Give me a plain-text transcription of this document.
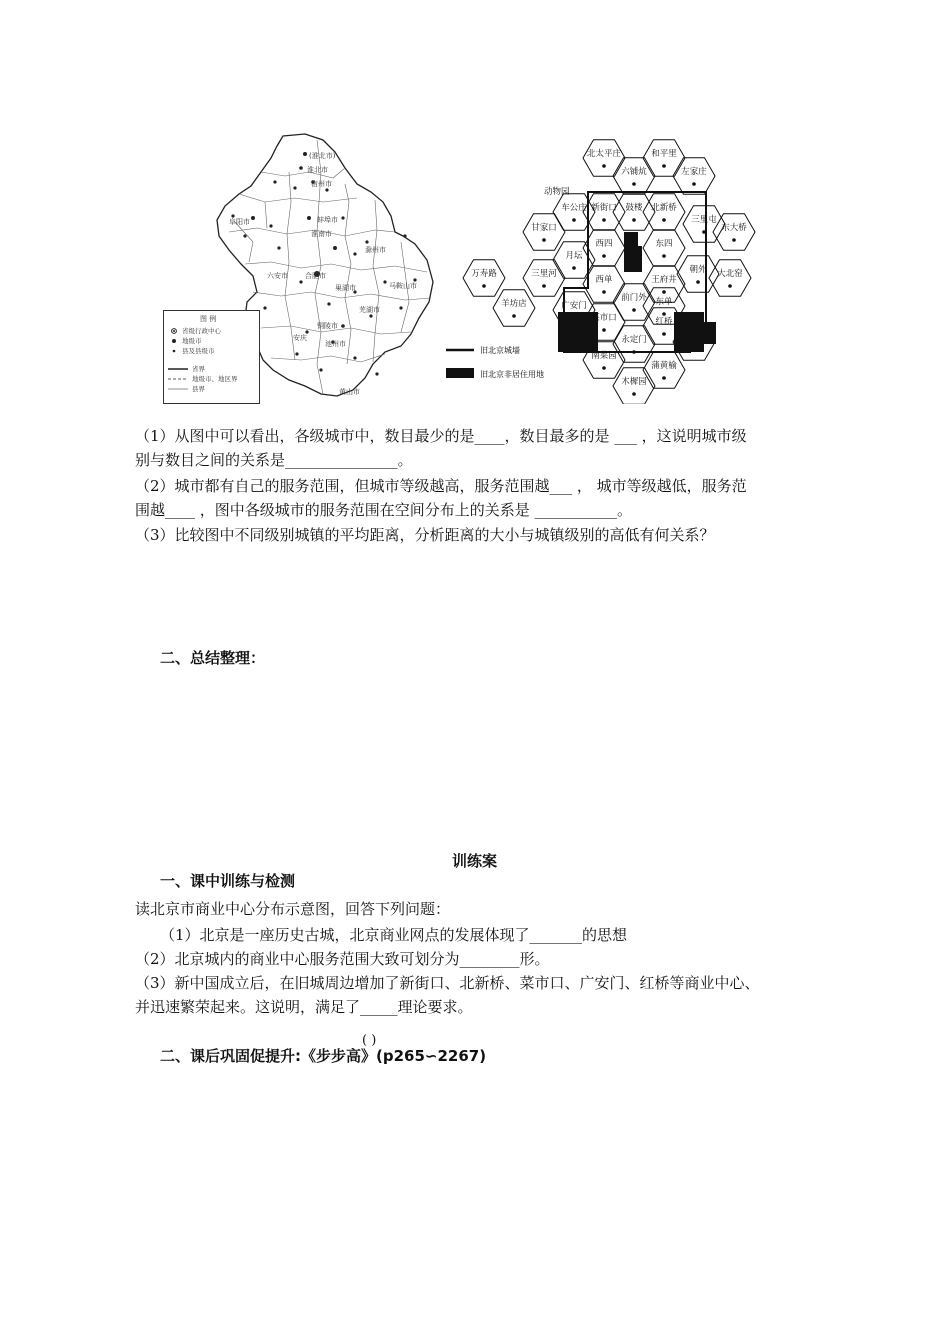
(淮北市)
淮北市
宿州市
蚌埠市
阜阳市
淮南市
滁州市
六安市 合肥市
巢湖市	马鞍山市
芜湖市
铜陵市
安庆
池州市
黄山市
图 例
省级行政中心
地级市
县及县级市
省界
地级市、地区界
县界
北太平庄	和平里
六铺炕	左家庄
车公庄 新街口 鼓楼 北新桥
三里屯
东大桥
甘家口
西四	东四
月坛
三里河
西单	王府井
朝外 大北窑
万寿路
羊坊店
前门外 东单
菜市口	红桥
广安门
永定门	劲松
南菜园
蒲黄榆
木樨园
动物园
旧北京城墙
旧北京非居住用地
（1）从图中可以看出，各级城市中，数目最少的是____，数目最多的是 ___ ，这说明城市级
别与数目之间的关系是_______________。
（2）城市都有自己的服务范围，但城市等级越高，服务范围越___ ， 城市等级越低，服务范
围越____ ，图中各级城市的服务范围在空间分布上的关系是 ___________。
（3）比较图中不同级别城镇的平均距离，分析距离的大小与城镇级别的高低有何关系？
二、总结整理：
训练案
一、课中训练与检测
读北京市商业中心分布示意图，回答下列问题：
（1）北京是一座历史古城，北京商业网点的发展体现了_______的思想
（2）北京城内的商业中心服务范围大致可划分为________形。
（3）新中国成立后，在旧城周边增加了新街口、北新桥、菜市口、广安门、红桥等商业中心、
并迅速繁荣起来。这说明，满足了_____理论要求。
( )
二、课后巩固促提升:《步步高》(p265∽2267)
